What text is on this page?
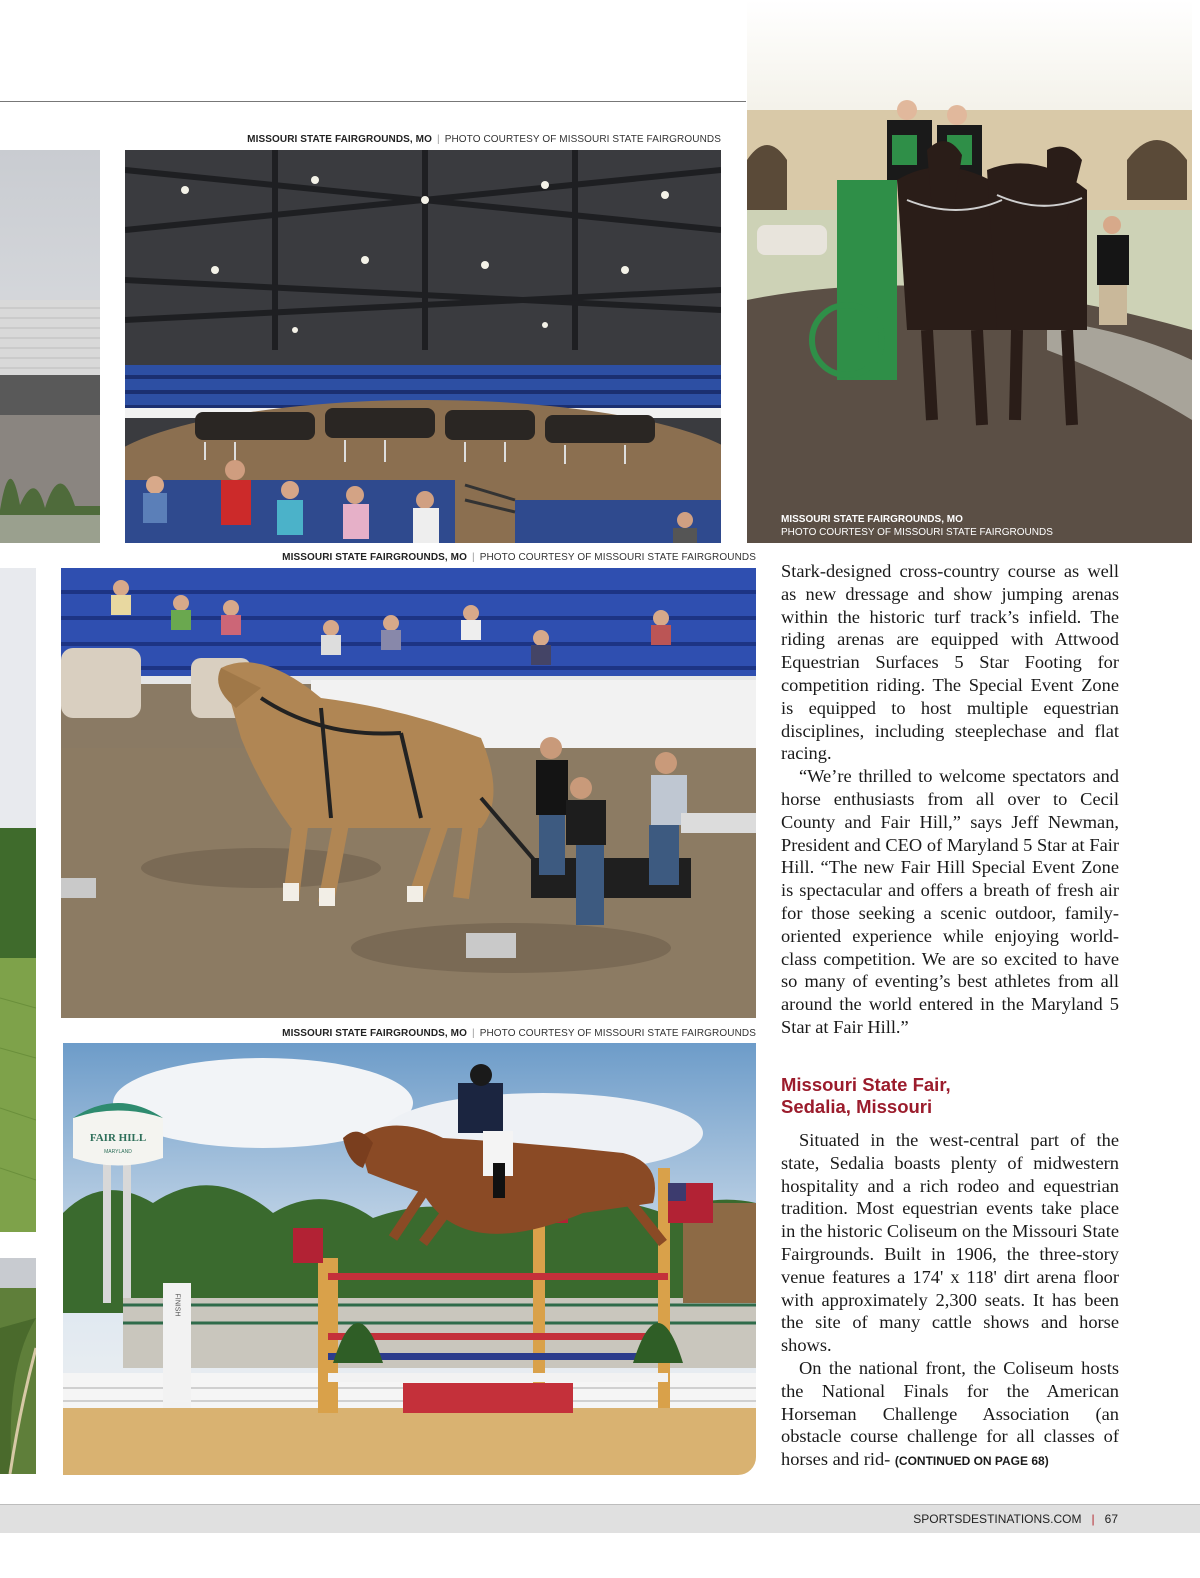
MISSOURI STATE FAIRGROUNDS, MO | PHOTO COURTESY OF MISSOURI STATE FAIRGROUNDS
MISSOURI STATE FAIRGROUNDS, MO
PHOTO COURTESY OF MISSOURI STATE FAIRGROUNDS
MISSOURI STATE FAIRGROUNDS, MO | PHOTO COURTESY OF MISSOURI STATE FAIRGROUNDS
MISSOURI STATE FAIRGROUNDS, MO | PHOTO COURTESY OF MISSOURI STATE FAIRGROUNDS
FAIR HILL
MARYLAND
FINISH

Stark-designed cross-country course as well as new dressage and show jumping arenas within the historic turf track’s infield. The riding arenas are equipped with Attwood Equestrian Surfaces 5 Star Footing for competition riding. The Special Event Zone is equipped to host multiple equestrian disciplines, including steeplechase and flat racing.

“We’re thrilled to welcome spectators and horse enthusiasts from all over to Cecil County and Fair Hill,” says Jeff Newman, President and CEO of Maryland 5 Star at Fair Hill. “The new Fair Hill Special Event Zone is spectacular and offers a breath of fresh air for those seeking a scenic outdoor, family-oriented experience while enjoying world-class competition. We are so excited to have so many of eventing’s best athletes from all around the world entered in the Maryland 5 Star at Fair Hill.”

Missouri State Fair,
Sedalia, Missouri

Situated in the west-central part of the state, Sedalia boasts plenty of midwestern hospitality and a rich rodeo and equestrian tradition. Most equestrian events take place in the historic Coliseum on the Missouri State Fairgrounds. Built in 1906, the three-story venue features a 174' x 118' dirt arena floor with approximately 2,300 seats. It has been the site of many cattle shows and horse shows.

On the national front, the Coliseum hosts the National Finals for the American Horseman Challenge Association (an obstacle course challenge for all classes of horses and rid- (CONTINUED ON PAGE 68)

SPORTSDESTINATIONS.COM | 67
